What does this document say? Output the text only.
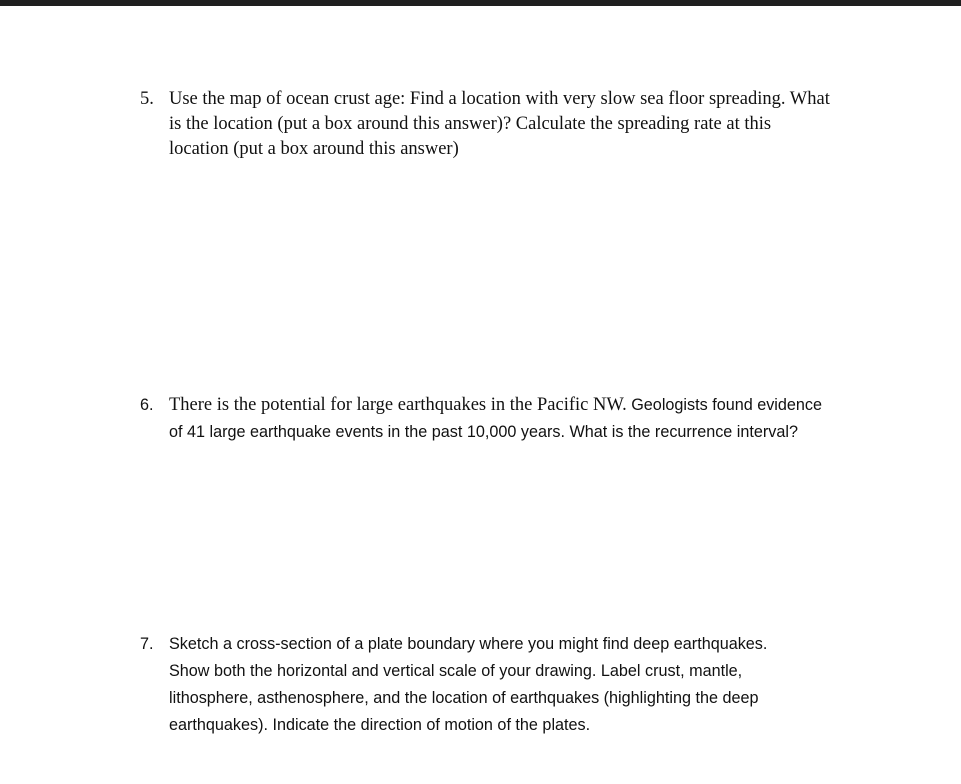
5. Use the map of ocean crust age: Find a location with very slow sea floor spreading. What
is the location (put a box around this answer)? Calculate the spreading rate at this
location (put a box around this answer)
6. There is the potential for large earthquakes in the Pacific NW. Geologists found evidence
of 41 large earthquake events in the past 10,000 years. What is the recurrence interval?
7. Sketch a cross-section of a plate boundary where you might find deep earthquakes.
Show both the horizontal and vertical scale of your drawing. Label crust, mantle,
lithosphere, asthenosphere, and the location of earthquakes (highlighting the deep
earthquakes). Indicate the direction of motion of the plates.
